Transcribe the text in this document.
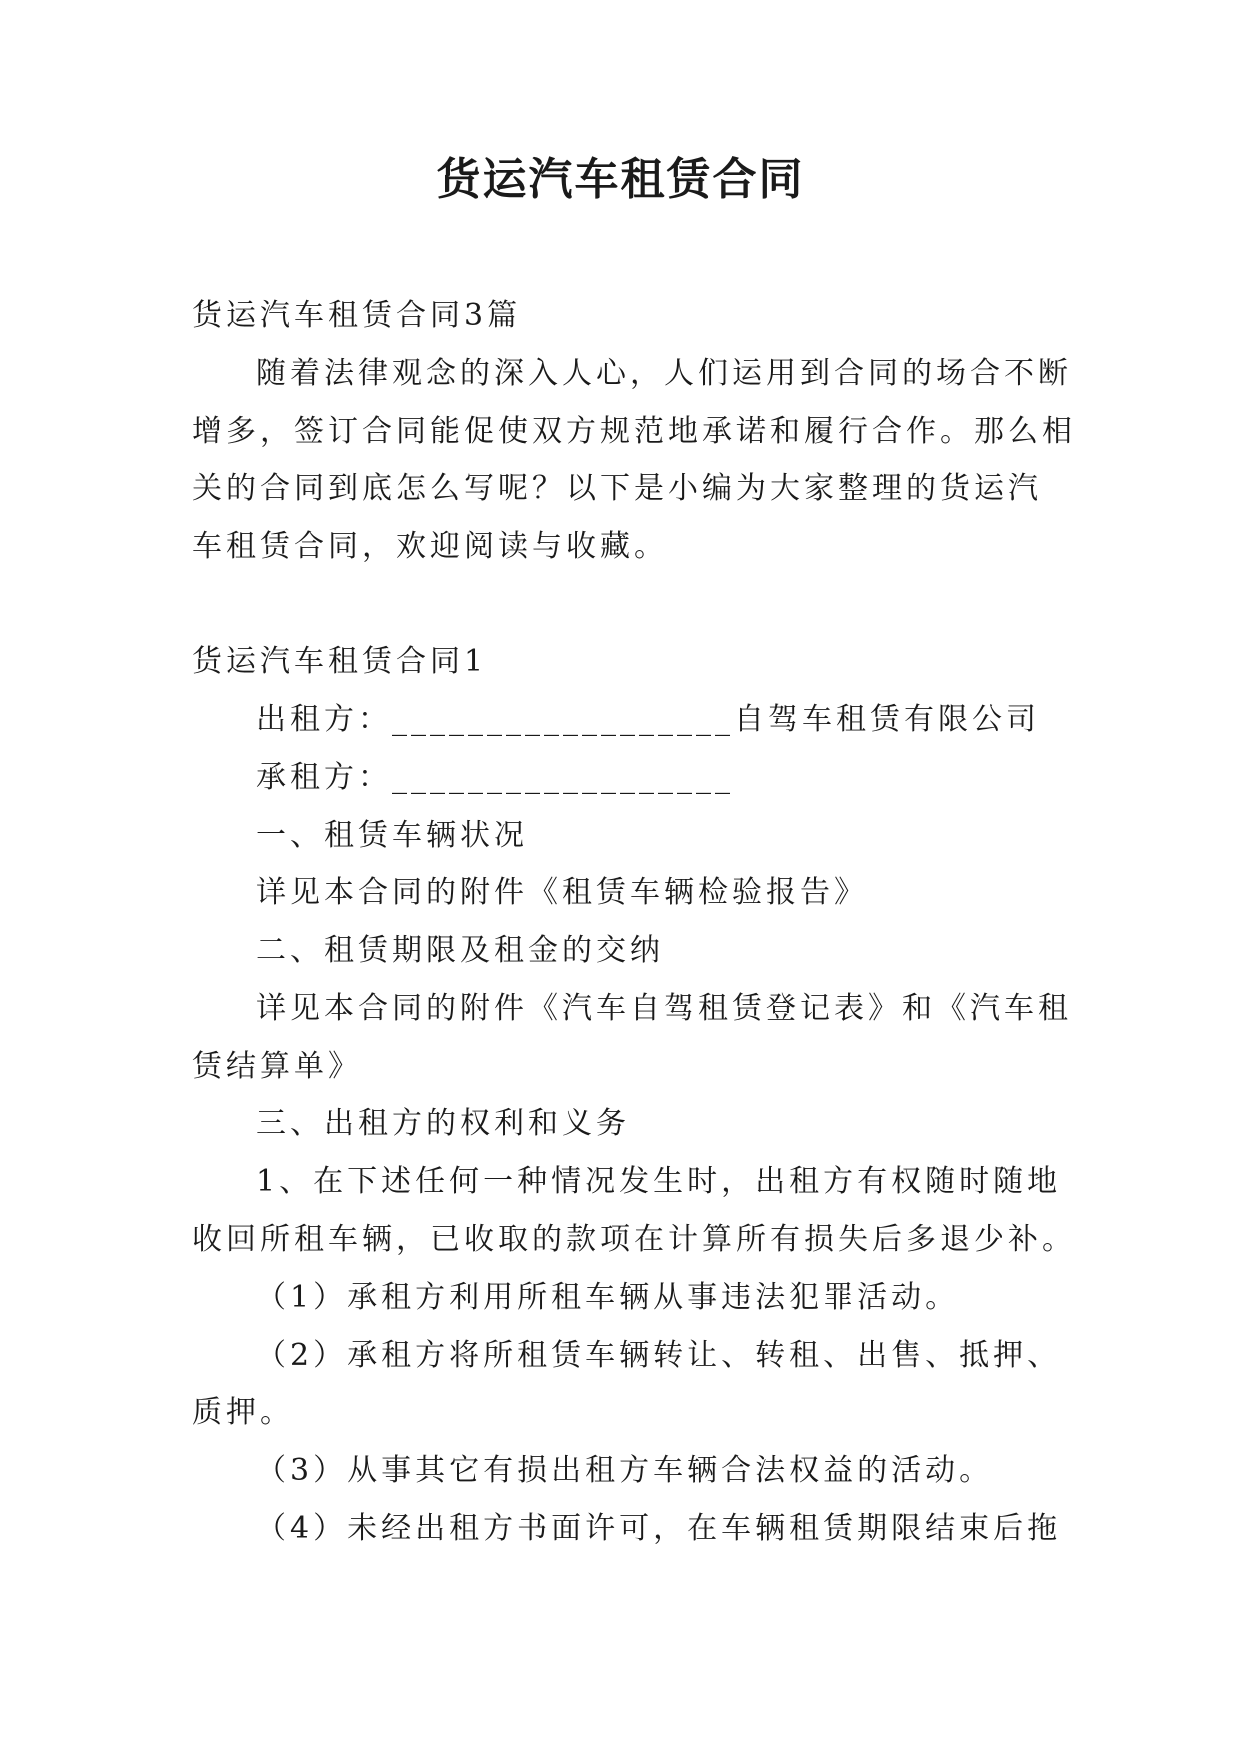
货运汽车租赁合同
货运汽车租赁合同3篇
随着法律观念的深入人心，人们运用到合同的场合不断
增多，签订合同能促使双方规范地承诺和履行合作。那么相
关的合同到底怎么写呢？以下是小编为大家整理的货运汽
车租赁合同，欢迎阅读与收藏。
货运汽车租赁合同1
出租方：__________________自驾车租赁有限公司
承租方：__________________
一、租赁车辆状况
详见本合同的附件《租赁车辆检验报告》
二、租赁期限及租金的交纳
详见本合同的附件《汽车自驾租赁登记表》和《汽车租
赁结算单》
三、出租方的权利和义务
1、在下述任何一种情况发生时，出租方有权随时随地
收回所租车辆，已收取的款项在计算所有损失后多退少补。
（1）承租方利用所租车辆从事违法犯罪活动。
（2）承租方将所租赁车辆转让、转租、出售、抵押、
质押。
（3）从事其它有损出租方车辆合法权益的活动。
（4）未经出租方书面许可，在车辆租赁期限结束后拖
